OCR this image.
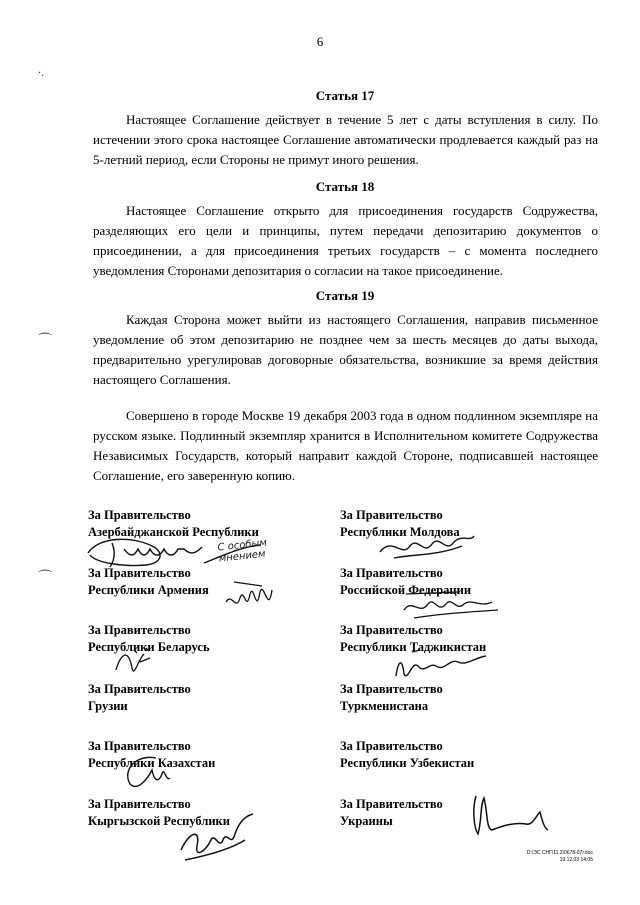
6
Статья 17

Настоящее Соглашение действует в течение 5 лет с даты вступления в силу. По истечении этого срока настоящее Соглашение автоматически продлевается каждый раз на 5-летний период, если Стороны не примут иного решения.

Статья 18

Настоящее Соглашение открыто для присоединения государств Содружества, разделяющих его цели и принципы, путем передачи депозитарию документов о присоединении, а для присоединения третьих государств – с момента последнего уведомления Сторонами депозитария о согласии на такое присоединение.

Статья 19

Каждая Сторона может выйти из настоящего Соглашения, направив письменное уведомление об этом депозитарию не позднее чем за шесть месяцев до даты выхода, предварительно урегулировав договорные обязательства, возникшие за время действия настоящего Соглашения.

Совершено в городе Москве 19 декабря 2003 года в одном подлинном экземпляре на русском языке. Подлинный экземпляр хранится в Исполнительном комитете Содружества Независимых Государств, который направит каждой Стороне, подписавшей настоящее Соглашение, его заверенную копию.

За Правительство
Азербайджанской Республики
За Правительство
Республики Армения
За Правительство
Республики Беларусь
За Правительство
Грузии
За Правительство
Республики Казахстан
За Правительство
Кыргызской Республики
За Правительство
Республики Молдова
За Правительство
Российской Федерации
За Правительство
Республики Таджикистан
За Правительство
Туркменистана
За Правительство
Республики Узбекистан
За Правительство
Украины
С особым мнением
·.
⌒
⌒
D:\ЭС СНГ\11.3\0678-07г.doc
19.12.03 14:05
